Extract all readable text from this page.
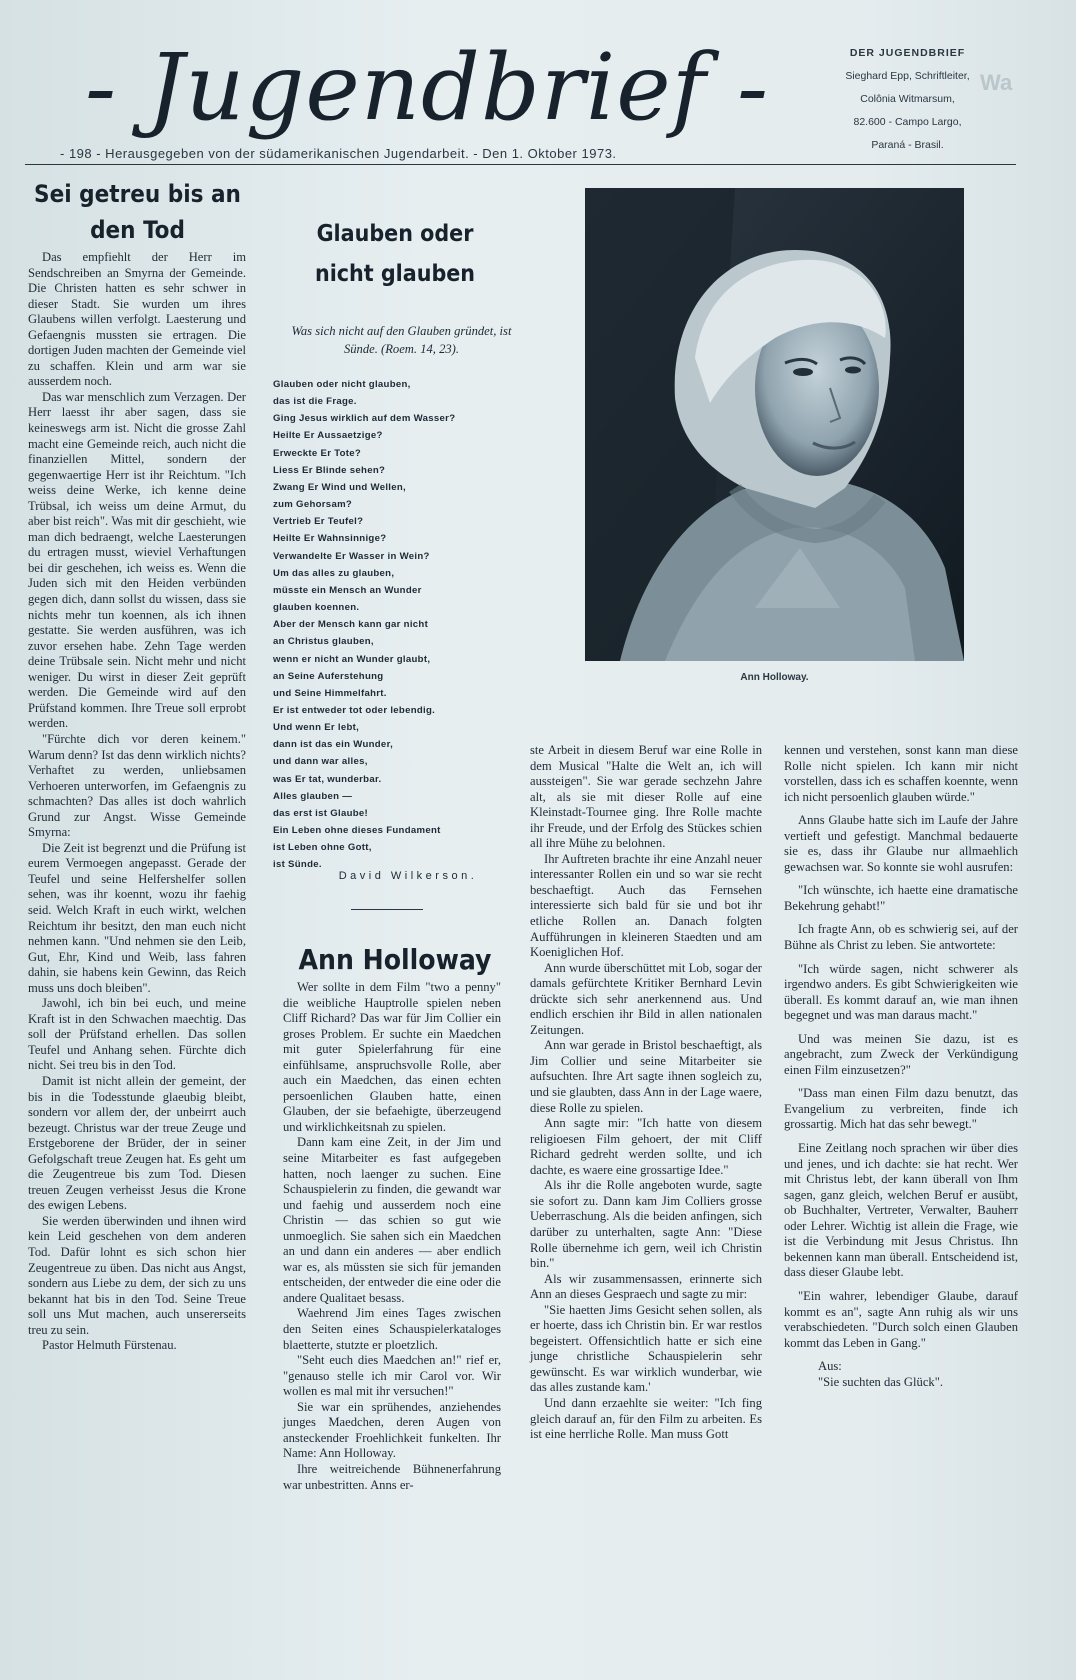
Wa
- Jugendbrief -
- 198 - Herausgegeben von der südamerikanischen Jugendarbeit. - Den 1. Oktober 1973.
DER JUGENDBRIEF
Sieghard Epp, Schriftleiter,
Colônia Witmarsum,
82.600 - Campo Largo,
Paraná - Brasil.
Sei getreu bis an den Tod

Das empfiehlt der Herr im Sendschreiben an Smyrna der Gemeinde. Die Christen hatten es sehr schwer in dieser Stadt. Sie wurden um ihres Glaubens willen verfolgt. Laesterung und Gefaengnis mussten sie ertragen. Die dortigen Juden machten der Gemeinde viel zu schaffen. Klein und arm war sie ausserdem noch.

Das war menschlich zum Verzagen. Der Herr laesst ihr aber sagen, dass sie keineswegs arm ist. Nicht die grosse Zahl macht eine Gemeinde reich, auch nicht die finanziellen Mittel, sondern der gegenwaertige Herr ist ihr Reichtum. "Ich weiss deine Werke, ich kenne deine Trübsal, ich weiss um deine Armut, du aber bist reich". Was mit dir geschieht, wie man dich bedraengt, welche Laesterungen du ertragen musst, wieviel Verhaftungen bei dir geschehen, ich weiss es. Wenn die Juden sich mit den Heiden verbünden gegen dich, dann sollst du wissen, dass sie nichts mehr tun koennen, als ich ihnen gestatte. Sie werden ausführen, was ich zuvor ersehen habe. Zehn Tage werden deine Trübsale sein. Nicht mehr und nicht weniger. Du wirst in dieser Zeit geprüft werden. Die Gemeinde wird auf den Prüfstand kommen. Ihre Treue soll erprobt werden.

"Fürchte dich vor deren keinem." Warum denn? Ist das denn wirklich nichts? Verhaftet zu werden, unliebsamen Verhoeren unterworfen, im Gefaengnis zu schmachten? Das alles ist doch wahrlich Grund zur Angst. Wisse Gemeinde Smyrna:

Die Zeit ist begrenzt und die Prüfung ist eurem Vermoegen angepasst. Gerade der Teufel und seine Helfershelfer sollen sehen, was ihr koennt, wozu ihr faehig seid. Welch Kraft in euch wirkt, welchen Reichtum ihr besitzt, den man euch nicht nehmen kann. "Und nehmen sie den Leib, Gut, Ehr, Kind und Weib, lass fahren dahin, sie habens kein Gewinn, das Reich muss uns doch bleiben".

Jawohl, ich bin bei euch, und meine Kraft ist in den Schwachen maechtig. Das soll der Prüfstand erhellen. Das sollen Teufel und Anhang sehen. Fürchte dich nicht. Sei treu bis in den Tod.

Damit ist nicht allein der gemeint, der bis in die Todesstunde glaeubig bleibt, sondern vor allem der, der unbeirrt auch bezeugt. Christus war der treue Zeuge und Erstgeborene der Brüder, der in seiner Gefolgschaft treue Zeugen hat. Es geht um die Zeugentreue bis zum Tod. Diesen treuen Zeugen verheisst Jesus die Krone des ewigen Lebens.

Sie werden überwinden und ihnen wird kein Leid geschehen von dem anderen Tod. Dafür lohnt es sich schon hier Zeugentreue zu üben. Das nicht aus Angst, sondern aus Liebe zu dem, der sich zu uns bekannt hat bis in den Tod. Seine Treue soll uns Mut machen, auch unsererseits treu zu sein.

Pastor Helmuth Fürstenau.

Glauben oder nicht glauben
Was sich nicht auf den Glauben gründet, ist Sünde. (Roem. 14, 23).
Glauben oder nicht glauben,
das ist die Frage.
Ging Jesus wirklich auf dem Wasser?
Heilte Er Aussaetzige?
Erweckte Er Tote?
Liess Er Blinde sehen?
Zwang Er Wind und Wellen,
zum Gehorsam?
Vertrieb Er Teufel?
Heilte Er Wahnsinnige?
Verwandelte Er Wasser in Wein?
Um das alles zu glauben,
müsste ein Mensch an Wunder
glauben koennen.
Aber der Mensch kann gar nicht
an Christus glauben,
wenn er nicht an Wunder glaubt,
an Seine Auferstehung
und Seine Himmelfahrt.
Er ist entweder tot oder lebendig.
Und wenn Er lebt,
dann ist das ein Wunder,
und dann war alles,
was Er tat, wunderbar.
Alles glauben —
das erst ist Glaube!
Ein Leben ohne dieses Fundament
ist Leben ohne Gott,
ist Sünde.
David Wilkerson.
Ann Holloway.
Ann Holloway

Wer sollte in dem Film "two a penny" die weibliche Hauptrolle spielen neben Cliff Richard? Das war für Jim Collier ein groses Problem. Er suchte ein Maedchen mit guter Spielerfahrung für eine einfühlsame, anspruchsvolle Rolle, aber auch ein Maedchen, das einen echten persoenlichen Glauben hatte, einen Glauben, der sie befaehigte, überzeugend und wirklichkeitsnah zu spielen.

Dann kam eine Zeit, in der Jim und seine Mitarbeiter es fast aufgegeben hatten, noch laenger zu suchen. Eine Schauspielerin zu finden, die gewandt war und faehig und ausserdem noch eine Christin — das schien so gut wie unmoeglich. Sie sahen sich ein Maedchen an und dann ein anderes — aber endlich war es, als müssten sie sich für jemanden entscheiden, der entweder die eine oder die andere Qualitaet besass.

Waehrend Jim eines Tages zwischen den Seiten eines Schauspielerkataloges blaetterte, stutzte er ploetzlich.

"Seht euch dies Maedchen an!" rief er, "genauso stelle ich mir Carol vor. Wir wollen es mal mit ihr versuchen!"

Sie war ein sprühendes, anziehendes junges Maedchen, deren Augen von ansteckender Froehlichkeit funkelten. Ihr Name: Ann Holloway.

Ihre weitreichende Bühnenerfahrung war unbestritten. Anns er-

ste Arbeit in diesem Beruf war eine Rolle in dem Musical "Halte die Welt an, ich will aussteigen". Sie war gerade sechzehn Jahre alt, als sie mit dieser Rolle auf eine Kleinstadt-Tournee ging. Ihre Rolle machte ihr Freude, und der Erfolg des Stückes schien all ihre Mühe zu belohnen.

Ihr Auftreten brachte ihr eine Anzahl neuer interessanter Rollen ein und so war sie recht beschaeftigt. Auch das Fernsehen interessierte sich bald für sie und bot ihr etliche Rollen an. Danach folgten Aufführungen in kleineren Staedten und am Koeniglichen Hof.

Ann wurde überschüttet mit Lob, sogar der damals gefürchtete Kritiker Bernhard Levin drückte sich sehr anerkennend aus. Und endlich erschien ihr Bild in allen nationalen Zeitungen.

Ann war gerade in Bristol beschaeftigt, als Jim Collier und seine Mitarbeiter sie aufsuchten. Ihre Art sagte ihnen sogleich zu, und sie glaubten, dass Ann in der Lage waere, diese Rolle zu spielen.

Ann sagte mir: "Ich hatte von diesem religioesen Film gehoert, der mit Cliff Richard gedreht werden sollte, und ich dachte, es waere eine grossartige Idee."

Als ihr die Rolle angeboten wurde, sagte sie sofort zu. Dann kam Jim Colliers grosse Ueberraschung. Als die beiden anfingen, sich darüber zu unterhalten, sagte Ann: "Diese Rolle übernehme ich gern, weil ich Christin bin."

Als wir zusammensassen, erinnerte sich Ann an dieses Gespraech und sagte zu mir:

"Sie haetten Jims Gesicht sehen sollen, als er hoerte, dass ich Christin bin. Er war restlos begeistert. Offensichtlich hatte er sich eine junge christliche Schauspielerin sehr gewünscht. Es war wirklich wunderbar, wie das alles zustande kam.'

Und dann erzaehlte sie weiter: "Ich fing gleich darauf an, für den Film zu arbeiten. Es ist eine herrliche Rolle. Man muss Gott

kennen und verstehen, sonst kann man diese Rolle nicht spielen. Ich kann mir nicht vorstellen, dass ich es schaffen koennte, wenn ich nicht persoenlich glauben würde."

Anns Glaube hatte sich im Laufe der Jahre vertieft und gefestigt. Manchmal bedauerte sie es, dass ihr Glaube nur allmaehlich gewachsen war. So konnte sie wohl ausrufen:

"Ich wünschte, ich haette eine dramatische Bekehrung gehabt!"

Ich fragte Ann, ob es schwierig sei, auf der Bühne als Christ zu leben. Sie antwortete:

"Ich würde sagen, nicht schwerer als irgendwo anders. Es gibt Schwierigkeiten wie überall. Es kommt darauf an, wie man ihnen begegnet und was man daraus macht."

Und was meinen Sie dazu, ist es angebracht, zum Zweck der Verkündigung einen Film einzusetzen?"

"Dass man einen Film dazu benutzt, das Evangelium zu verbreiten, finde ich grossartig. Mich hat das sehr bewegt."

Eine Zeitlang noch sprachen wir über dies und jenes, und ich dachte: sie hat recht. Wer mit Christus lebt, der kann überall von Ihm sagen, ganz gleich, welchen Beruf er ausübt, ob Buchhalter, Vertreter, Verwalter, Bauherr oder Lehrer. Wichtig ist allein die Frage, wie ist die Verbindung mit Jesus Christus. Ihn bekennen kann man überall. Entscheidend ist, dass dieser Glaube lebt.

"Ein wahrer, lebendiger Glaube, darauf kommt es an", sagte Ann ruhig als wir uns verabschiedeten. "Durch solch einen Glauben kommt das Leben in Gang."

Aus:

"Sie suchten das Glück".
